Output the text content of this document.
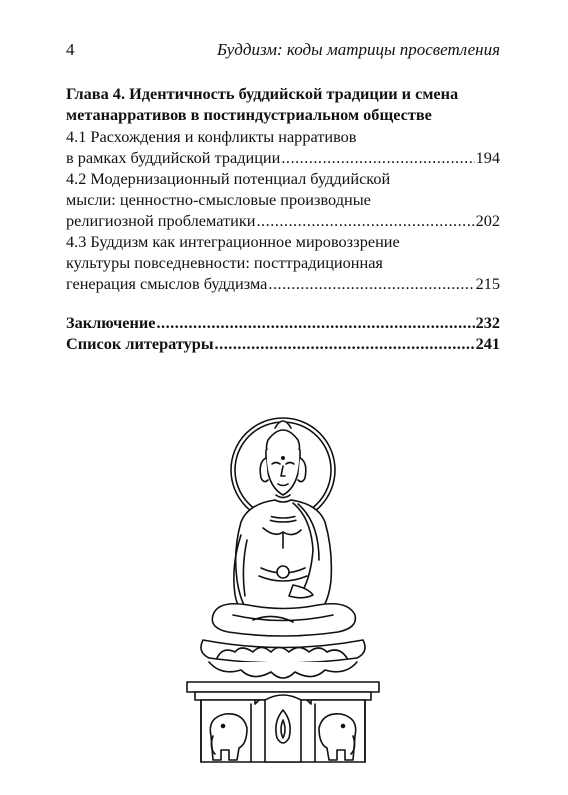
4	Буддизм: коды матрицы просветления
Глава 4. Идентичность буддийской традиции и смена
метанарративов в постиндустриальном обществе
4.1 Расхождения и конфликты нарративов
в рамках буддийской традиции .....	194
4.2 Модернизационный потенциал буддийской
мысли: ценностно-смысловые производные
религиозной проблематики .....	202
4.3 Буддизм как интеграционное мировоззрение
культуры повседневности: посттрадиционная
генерация смыслов буддизма .....	215
Заключение .....	232
Список литературы .....	241
